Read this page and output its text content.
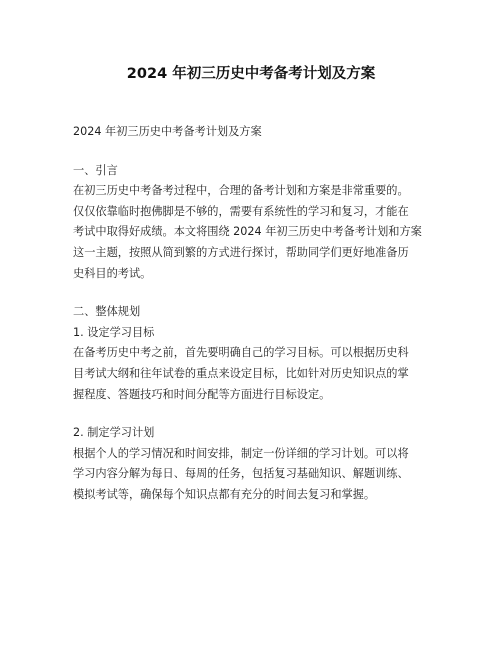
2024 年初三历史中考备考计划及方案
2024 年初三历史中考备考计划及方案
一、引言
在初三历史中考备考过程中，合理的备考计划和方案是非常重要的。
仅仅依靠临时抱佛脚是不够的，需要有系统性的学习和复习，才能在
考试中取得好成绩。本文将围绕 2024 年初三历史中考备考计划和方案
这一主题，按照从简到繁的方式进行探讨，帮助同学们更好地准备历
史科目的考试。
二、整体规划
1. 设定学习目标
在备考历史中考之前，首先要明确自己的学习目标。可以根据历史科
目考试大纲和往年试卷的重点来设定目标，比如针对历史知识点的掌
握程度、答题技巧和时间分配等方面进行目标设定。
2. 制定学习计划
根据个人的学习情况和时间安排，制定一份详细的学习计划。可以将
学习内容分解为每日、每周的任务，包括复习基础知识、解题训练、
模拟考试等，确保每个知识点都有充分的时间去复习和掌握。
